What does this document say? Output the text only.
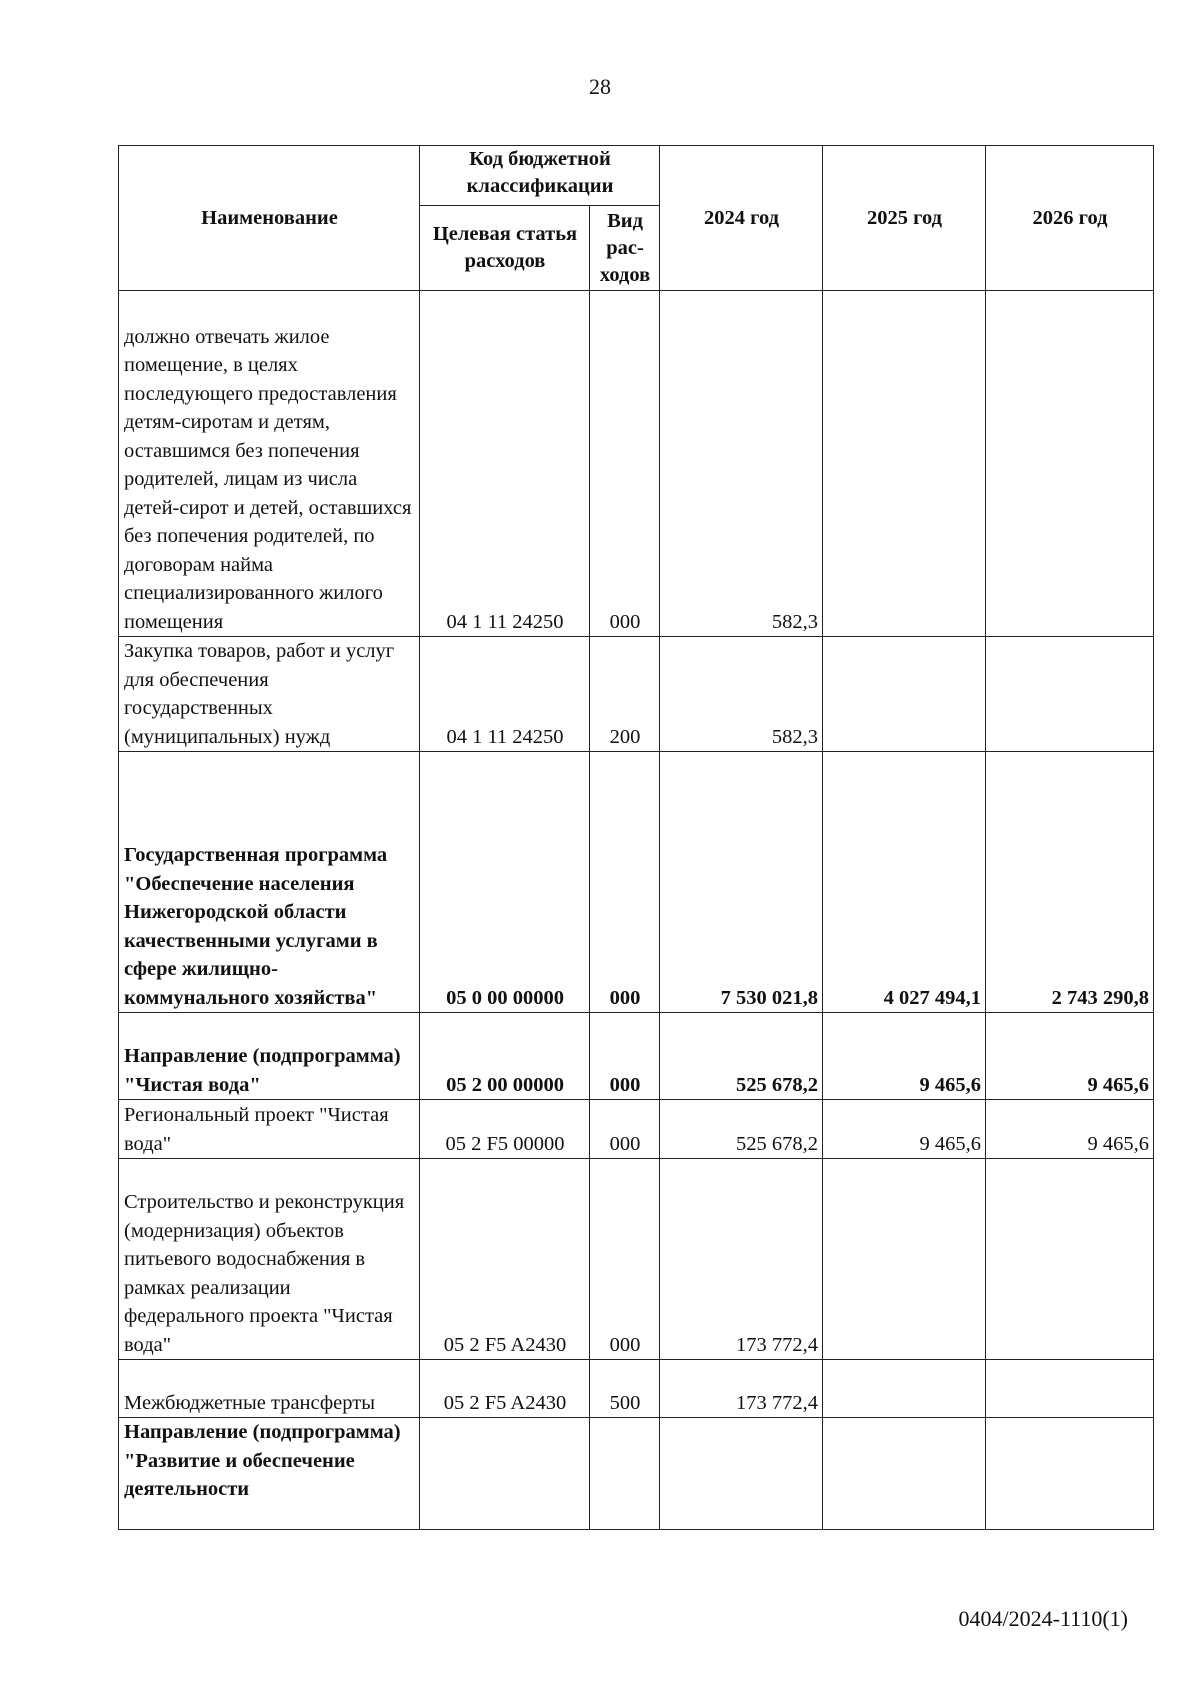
28
Наименование	Код бюджетной классификации		2024 год	2025 год	2026 год
	Целевая статья расходов	Вид рас-ходов			
должно отвечать жилое помещение, в целях последующего предоставления детям-сиротам и детям, оставшимся без попечения родителей, лицам из числа детей-сирот и детей, оставшихся без попечения родителей, по договорам найма специализированного жилого помещения	04 1 11 24250	000	582,3		
Закупка товаров, работ и услуг для обеспечения государственных (муниципальных) нужд	04 1 11 24250	200	582,3		
Государственная программа "Обеспечение населения Нижегородской области качественными услугами в сфере жилищно-коммунального хозяйства"	05 0 00 00000	000	7 530 021,8	4 027 494,1	2 743 290,8
Направление (подпрограмма) "Чистая вода"	05 2 00 00000	000	525 678,2	9 465,6	9 465,6
Региональный проект "Чистая вода"	05 2 F5 00000	000	525 678,2	9 465,6	9 465,6
Строительство и реконструкция (модернизация) объектов питьевого водоснабжения в рамках реализации федерального проекта "Чистая вода"	05 2 F5 A2430	000	173 772,4		
Межбюджетные трансферты	05 2 F5 A2430	500	173 772,4		
Направление (подпрограмма) "Развитие и обеспечение деятельности					
0404/2024-1110(1)
